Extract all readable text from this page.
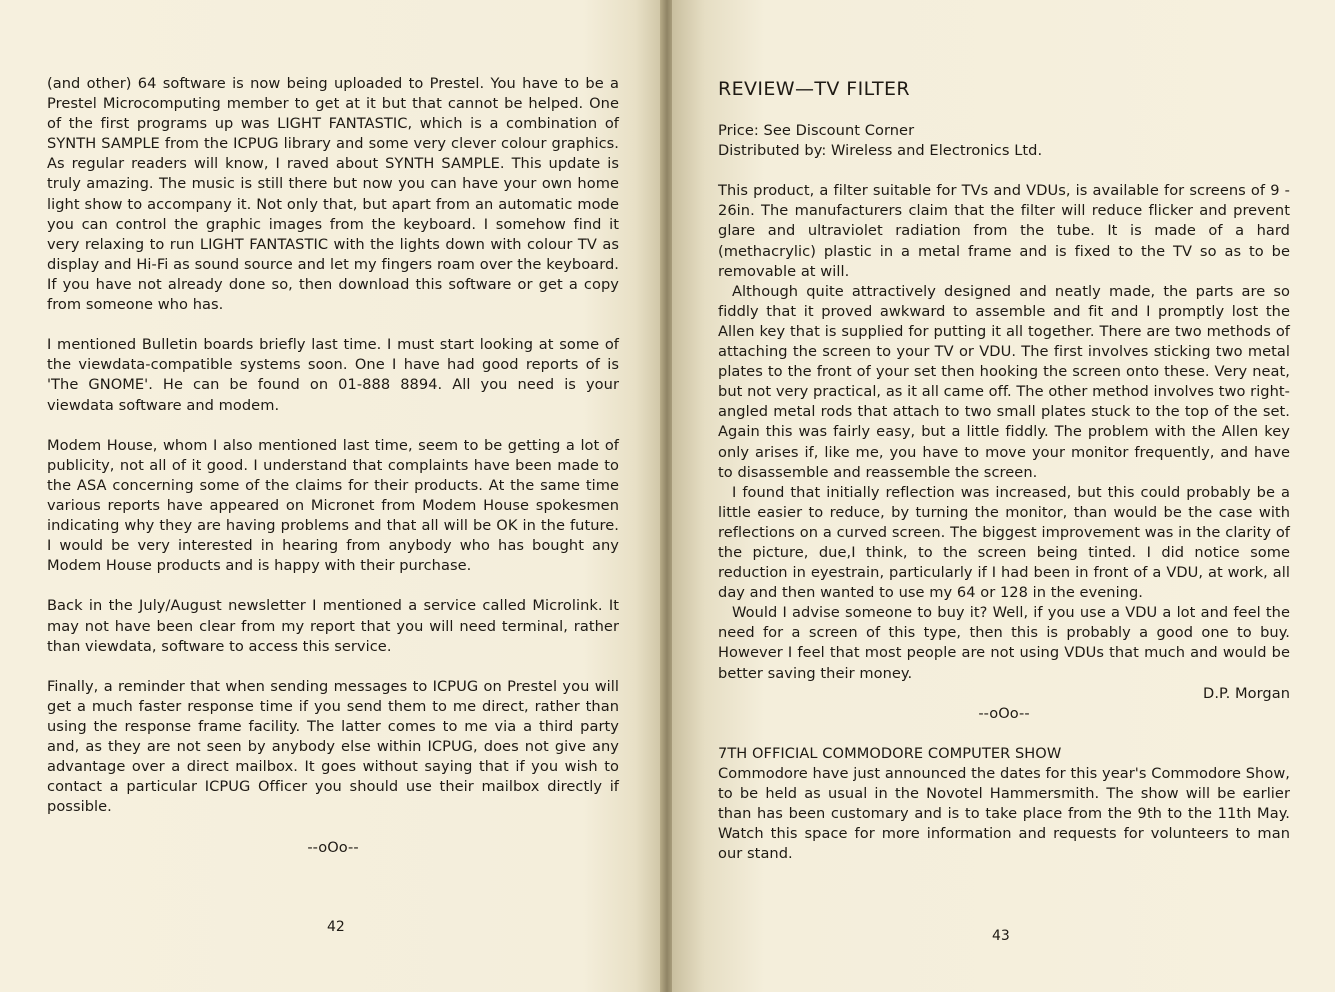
(and other) 64 software is now being uploaded to Prestel. You have to be a Prestel Microcomputing member to get at it but that cannot be helped. One of the first programs up was LIGHT FANTASTIC, which is a combination of SYNTH SAMPLE from the ICPUG library and some very clever colour graphics. As regular readers will know, I raved about SYNTH SAMPLE. This update is truly amazing. The music is still there but now you can have your own home light show to accompany it. Not only that, but apart from an automatic mode you can control the graphic images from the keyboard. I somehow find it very relaxing to run LIGHT FANTASTIC with the lights down with colour TV as display and Hi-Fi as sound source and let my fingers roam over the keyboard. If you have not already done so, then download this software or get a copy from someone who has.

I mentioned Bulletin boards briefly last time. I must start looking at some of the viewdata-compatible systems soon. One I have had good reports of is 'The GNOME'. He can be found on 01-888 8894. All you need is your viewdata software and modem.

Modem House, whom I also mentioned last time, seem to be getting a lot of publicity, not all of it good. I understand that complaints have been made to the ASA concerning some of the claims for their products. At the same time various reports have appeared on Micronet from Modem House spokesmen indicating why they are having problems and that all will be OK in the future. I would be very interested in hearing from anybody who has bought any Modem House products and is happy with their purchase.

Back in the July/August newsletter I mentioned a service called Microlink. It may not have been clear from my report that you will need terminal, rather than viewdata, software to access this service.

Finally, a reminder that when sending messages to ICPUG on Prestel you will get a much faster response time if you send them to me direct, rather than using the response frame facility. The latter comes to me via a third party and, as they are not seen by anybody else within ICPUG, does not give any advantage over a direct mailbox. It goes without saying that if you wish to contact a particular ICPUG Officer you should use their mailbox directly if possible.

--oOo--

42
REVIEW—TV FILTER

Price: See Discount Corner

Distributed by: Wireless and Electronics Ltd.

This product, a filter suitable for TVs and VDUs, is available for screens of 9 - 26in. The manufacturers claim that the filter will reduce flicker and prevent glare and ultraviolet radiation from the tube. It is made of a hard (methacrylic) plastic in a metal frame and is fixed to the TV so as to be removable at will.

Although quite attractively designed and neatly made, the parts are so fiddly that it proved awkward to assemble and fit and I promptly lost the Allen key that is supplied for putting it all together. There are two methods of attaching the screen to your TV or VDU. The first involves sticking two metal plates to the front of your set then hooking the screen onto these. Very neat, but not very practical, as it all came off. The other method involves two right-angled metal rods that attach to two small plates stuck to the top of the set. Again this was fairly easy, but a little fiddly. The problem with the Allen key only arises if, like me, you have to move your monitor frequently, and have to disassemble and reassemble the screen.

I found that initially reflection was increased, but this could probably be a little easier to reduce, by turning the monitor, than would be the case with reflections on a curved screen. The biggest improvement was in the clarity of the picture, due,I think, to the screen being tinted. I did notice some reduction in eyestrain, particularly if I had been in front of a VDU, at work, all day and then wanted to use my 64 or 128 in the evening.

Would I advise someone to buy it? Well, if you use a VDU a lot and feel the need for a screen of this type, then this is probably a good one to buy. However I feel that most people are not using VDUs that much and would be better saving their money.

D.P. Morgan

--oOo--

7TH OFFICIAL COMMODORE COMPUTER SHOW

Commodore have just announced the dates for this year's Commodore Show, to be held as usual in the Novotel Hammersmith. The show will be earlier than has been customary and is to take place from the 9th to the 11th May. Watch this space for more information and requests for volunteers to man our stand.

43
